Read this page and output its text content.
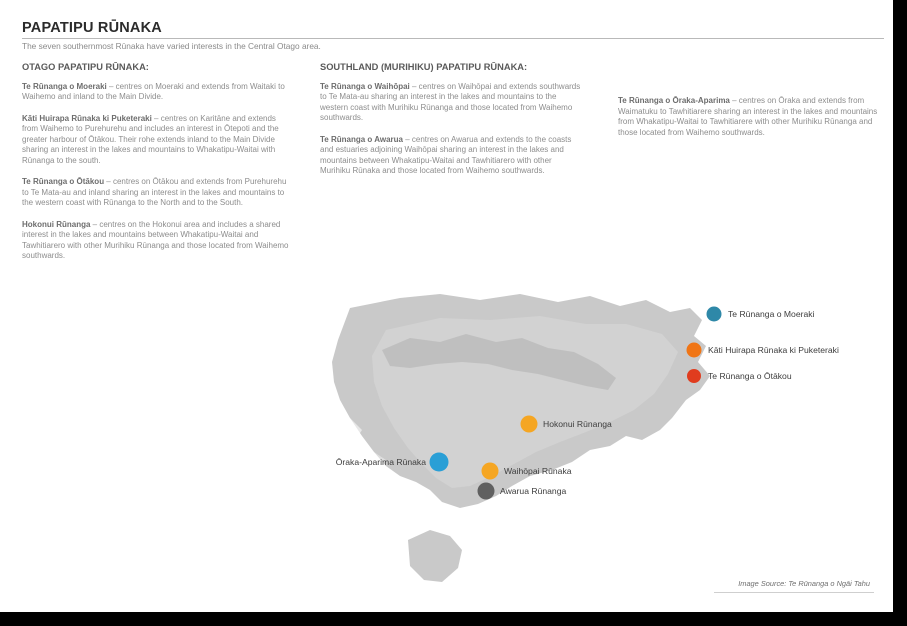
PAPATIPU RŪNAKA
The seven southernmost Rūnaka have varied interests in the Central Otago area.
OTAGO PAPATIPU RŪNAKA:

Te Rūnanga o Moeraki – centres on Moeraki and extends from Waitaki to Waihemo and inland to the Main Divide.

Kāti Huirapa Rūnaka ki Puketeraki – centres on Karitāne and extends from Waihemo to Purehurehu and includes an interest in Ōtepoti and the greater harbour of Ōtākou. Their rohe extends inland to the Main Divide sharing an interest in the lakes and mountains to Whakatipu-Waitai with Rūnanga to the south.

Te Rūnanga o Ōtākou – centres on Ōtākou and extends from Purehurehu to Te Mata-au and inland sharing an interest in the lakes and mountains to the western coast with Rūnanga to the North and to the South.

Hokonui Rūnanga – centres on the Hokonui area and includes a shared interest in the lakes and mountains between Whakatipu-Waitai and Tawhitiarero with other Murihiku Rūnanga and those located from Waihemo southwards.

SOUTHLAND (MURIHIKU) PAPATIPU RŪNAKA:

Te Rūnanga o Waihōpai – centres on Waihōpai and extends southwards to Te Mata-au sharing an interest in the lakes and mountains to the western coast with Murihiku Rūnanga and those located from Waihemo southwards.

Te Rūnanga o Awarua – centres on Awarua and extends to the coasts and estuaries adjoining Waihōpai sharing an interest in the lakes and mountains between Whakatipu-Waitai and Tawhitiarero with other Murihiku Rūnaka and those located from Waihemo southwards.

Te Rūnanga o Ōraka-Aparima – centres on Ōraka and extends from Waimatuku to Tawhitiarere sharing an interest in the lakes and mountains from Whakatipu-Waitai to Tawhitiarere with other Murihiku Rūnanga and those located from Waihemo southwards.

Image Source: Te Rūnanga o Ngāi Tahu
Te Rūnanga o Moeraki
Kāti Huirapa Rūnaka ki Puketeraki
Te Rūnanga o Ōtākou
Hokonui Rūnanga
Ōraka-Aparima Rūnaka
Waihōpai Rūnaka
Awarua Rūnanga
